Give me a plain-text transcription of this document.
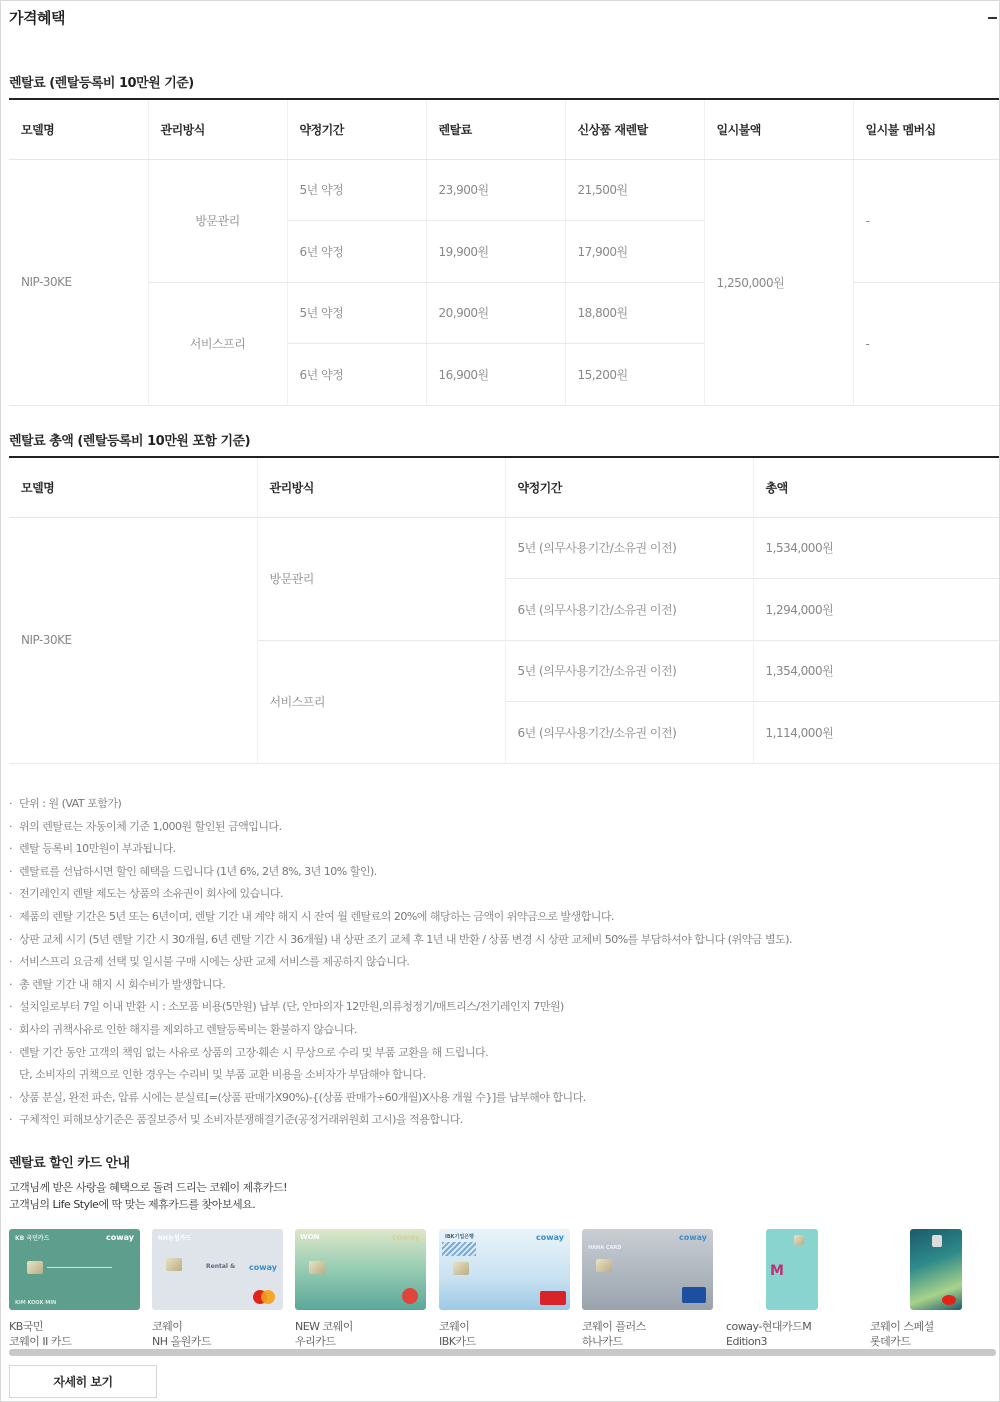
가격혜택
렌탈료 (렌탈등록비 10만원 기준)
모델명	관리방식	약정기간	렌탈료	신상품 재렌탈	일시불액	일시불 멤버십
NIP-30KE	방문관리	5년 약정	23,900원	21,500원	1,250,000원	-
		6년 약정	19,900원	17,900원		
	서비스프리	5년 약정	20,900원	18,800원		-
		6년 약정	16,900원	15,200원		
렌탈료 총액 (렌탈등록비 10만원 포함 기준)
모델명	관리방식	약정기간	총액
NIP-30KE	방문관리	5년 (의무사용기간/소유권 이전)	1,534,000원
		6년 (의무사용기간/소유권 이전)	1,294,000원
	서비스프리	5년 (의무사용기간/소유권 이전)	1,354,000원
		6년 (의무사용기간/소유권 이전)	1,114,000원
· 단위 : 원 (VAT 포함가)
· 위의 렌탈료는 자동이체 기준 1,000원 할인된 금액입니다.
· 렌탈 등록비 10만원이 부과됩니다.
· 렌탈료를 선납하시면 할인 혜택을 드립니다 (1년 6%, 2년 8%, 3년 10% 할인).
· 전기레인지 렌탈 제도는 상품의 소유권이 회사에 있습니다.
· 제품의 렌탈 기간은 5년 또는 6년이며, 렌탈 기간 내 계약 해지 시 잔여 월 렌탈료의 20%에 해당하는 금액이 위약금으로 발생합니다.
· 상판 교체 시기 (5년 렌탈 기간 시 30개월, 6년 렌탈 기간 시 36개월) 내 상판 조기 교체 후 1년 내 반환 / 상품 변경 시 상판 교체비 50%를 부담하셔야 합니다 (위약금 별도).
· 서비스프리 요금제 선택 및 일시불 구매 시에는 상판 교체 서비스를 제공하지 않습니다.
· 총 렌탈 기간 내 해지 시 회수비가 발생합니다.
· 설치일로부터 7일 이내 반환 시 : 소모품 비용(5만원) 납부 (단, 안마의자 12만원,의류청정기/매트리스/전기레인지 7만원)
· 회사의 귀책사유로 인한 해지를 제외하고 렌탈등록비는 환불하지 않습니다.
· 렌탈 기간 동안 고객의 책임 없는 사유로 상품의 고장·훼손 시 무상으로 수리 및 부품 교환을 해 드립니다.
단, 소비자의 귀책으로 인한 경우는 수리비 및 부품 교환 비용을 소비자가 부담해야 합니다.
· 상품 분실, 완전 파손, 압류 시에는 분실료[=(상품 판매가X90%)-{(상품 판매가÷60개월)X사용 개월 수}]를 납부해야 합니다.
· 구체적인 피해보상기준은 품질보증서 및 소비자분쟁해결기준(공정거래위원회 고시)을 적용합니다.
렌탈료 할인 카드 안내
고객님께 받은 사랑을 혜택으로 돌려 드리는 코웨이 제휴카드!
고객님의 Life Style에 딱 맞는 제휴카드를 찾아보세요.
KB 국민카드	coway
KIM KOOK MIN
KB국민
코웨이 II 카드
NH농협카드
Rental & coway
코웨이
NH 올원카드
WON	coway
NEW 코웨이
우리카드
IBK기업은행	coway
코웨이
IBK카드
coway
HANA CARD
코웨이 플러스
하나카드
M
coway-현대카드M
Edition3
코웨이 스페셜
롯데카드
자세히 보기
